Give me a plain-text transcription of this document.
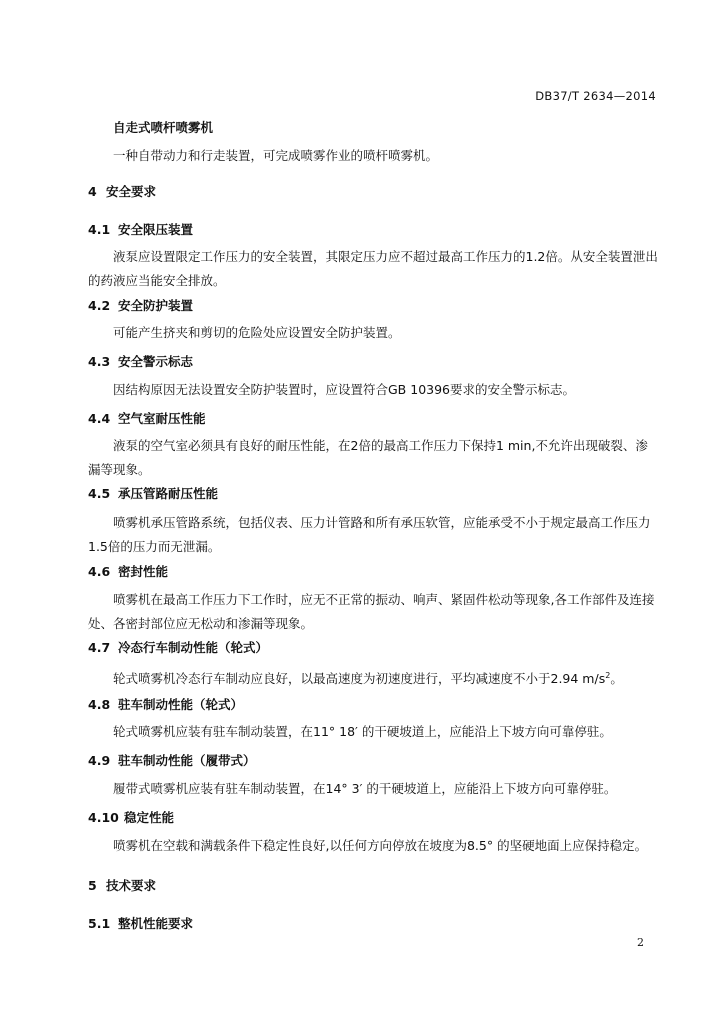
DB37/T 2634—2014
自走式喷杆喷雾机
一种自带动力和行走装置，可完成喷雾作业的喷杆喷雾机。
4 安全要求
4.1 安全限压装置
液泵应设置限定工作压力的安全装置，其限定压力应不超过最高工作压力的1.2倍。从安全装置泄出的药液应当能安全排放。
4.2 安全防护装置
可能产生挤夹和剪切的危险处应设置安全防护装置。
4.3 安全警示标志
因结构原因无法设置安全防护装置时，应设置符合GB 10396要求的安全警示标志。
4.4 空气室耐压性能
液泵的空气室必须具有良好的耐压性能，在2倍的最高工作压力下保持1 min,不允许出现破裂、渗漏等现象。
4.5 承压管路耐压性能
喷雾机承压管路系统，包括仪表、压力计管路和所有承压软管，应能承受不小于规定最高工作压力1.5倍的压力而无泄漏。
4.6 密封性能
喷雾机在最高工作压力下工作时，应无不正常的振动、响声、紧固件松动等现象,各工作部件及连接处、各密封部位应无松动和渗漏等现象。
4.7 冷态行车制动性能（轮式）
轮式喷雾机冷态行车制动应良好，以最高速度为初速度进行，平均减速度不小于2.94 $m/s^2$。
4.8 驻车制动性能（轮式）
轮式喷雾机应装有驻车制动装置，在11° 18′ 的干硬坡道上，应能沿上下坡方向可靠停驻。
4.9 驻车制动性能（履带式）
履带式喷雾机应装有驻车制动装置，在14° 3′ 的干硬坡道上，应能沿上下坡方向可靠停驻。
4.10 稳定性能
喷雾机在空载和满载条件下稳定性良好,以任何方向停放在坡度为8.5° 的坚硬地面上应保持稳定。
5 技术要求
5.1 整机性能要求
2
